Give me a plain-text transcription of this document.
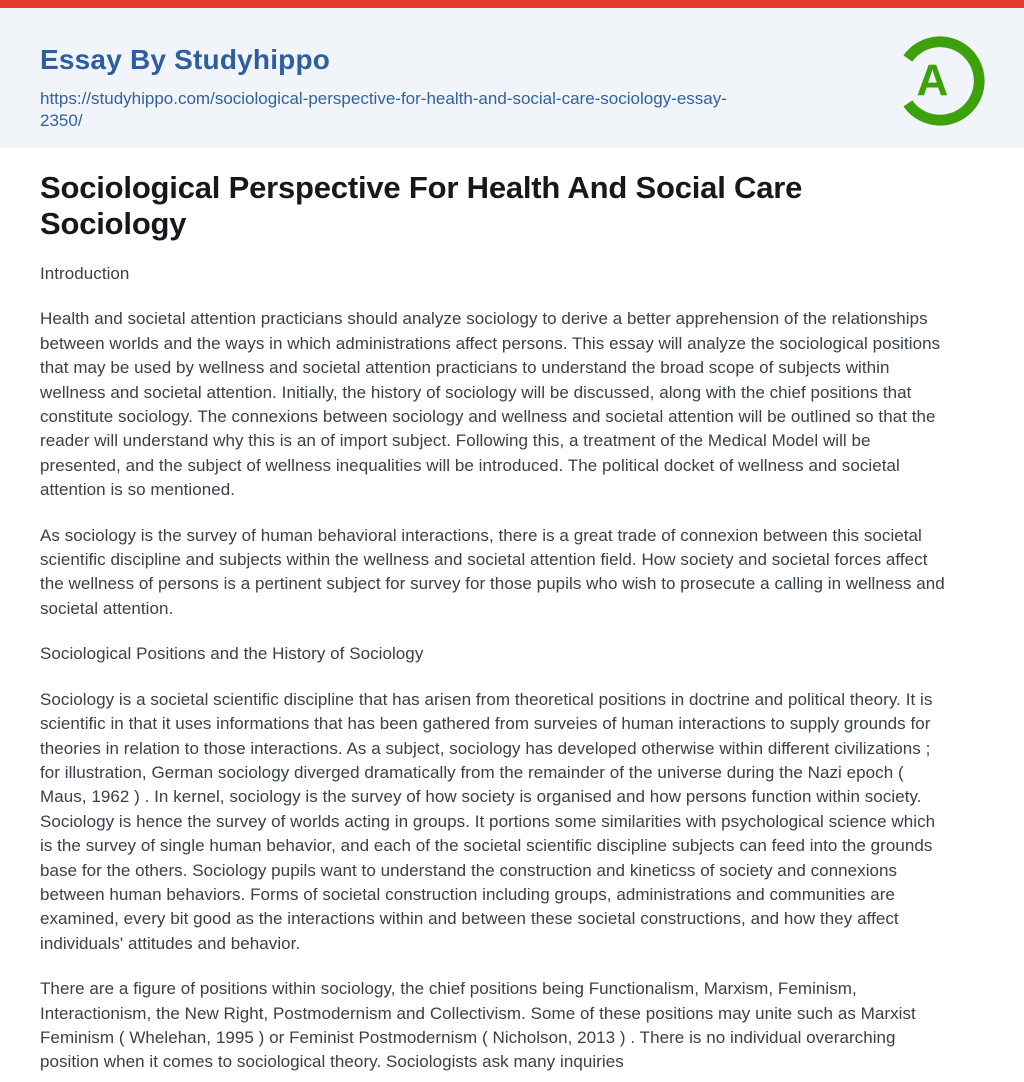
Essay By Studyhippo
https://studyhippo.com/sociological-perspective-for-health-and-social-care-sociology-essay-
2350/
A
Sociological Perspective For Health And Social Care Sociology

Introduction

Health and societal attention practicians should analyze sociology to derive a better apprehension of the relationships between worlds and the ways in which administrations affect persons. This essay will analyze the sociological positions that may be used by wellness and societal attention practicians to understand the broad scope of subjects within wellness and societal attention. Initially, the history of sociology will be discussed, along with the chief positions that constitute sociology. The connexions between sociology and wellness and societal attention will be outlined so that the reader will understand why this is an of import subject. Following this, a treatment of the Medical Model will be presented, and the subject of wellness inequalities will be introduced. The political docket of wellness and societal attention is so mentioned.

As sociology is the survey of human behavioral interactions, there is a great trade of connexion between this societal scientific discipline and subjects within the wellness and societal attention field. How society and societal forces affect the wellness of persons is a pertinent subject for survey for those pupils who wish to prosecute a calling in wellness and societal attention.

Sociological Positions and the History of Sociology

Sociology is a societal scientific discipline that has arisen from theoretical positions in doctrine and political theory. It is scientific in that it uses informations that has been gathered from surveies of human interactions to supply grounds for theories in relation to those interactions. As a subject, sociology has developed otherwise within different civilizations ; for illustration, German sociology diverged dramatically from the remainder of the universe during the Nazi epoch ( Maus, 1962 ) . In kernel, sociology is the survey of how society is organised and how persons function within society. Sociology is hence the survey of worlds acting in groups. It portions some similarities with psychological science which is the survey of single human behavior, and each of the societal scientific discipline subjects can feed into the grounds base for the others. Sociology pupils want to understand the construction and kineticss of society and connexions between human behaviors. Forms of societal construction including groups, administrations and communities are examined, every bit good as the interactions within and between these societal constructions, and how they affect individuals' attitudes and behavior.

There are a figure of positions within sociology, the chief positions being Functionalism, Marxism, Feminism, Interactionism, the New Right, Postmodernism and Collectivism. Some of these positions may unite such as Marxist Feminism ( Whelehan, 1995 ) or Feminist Postmodernism ( Nicholson, 2013 ) . There is no individual overarching position when it comes to sociological theory. Sociologists ask many inquiries
